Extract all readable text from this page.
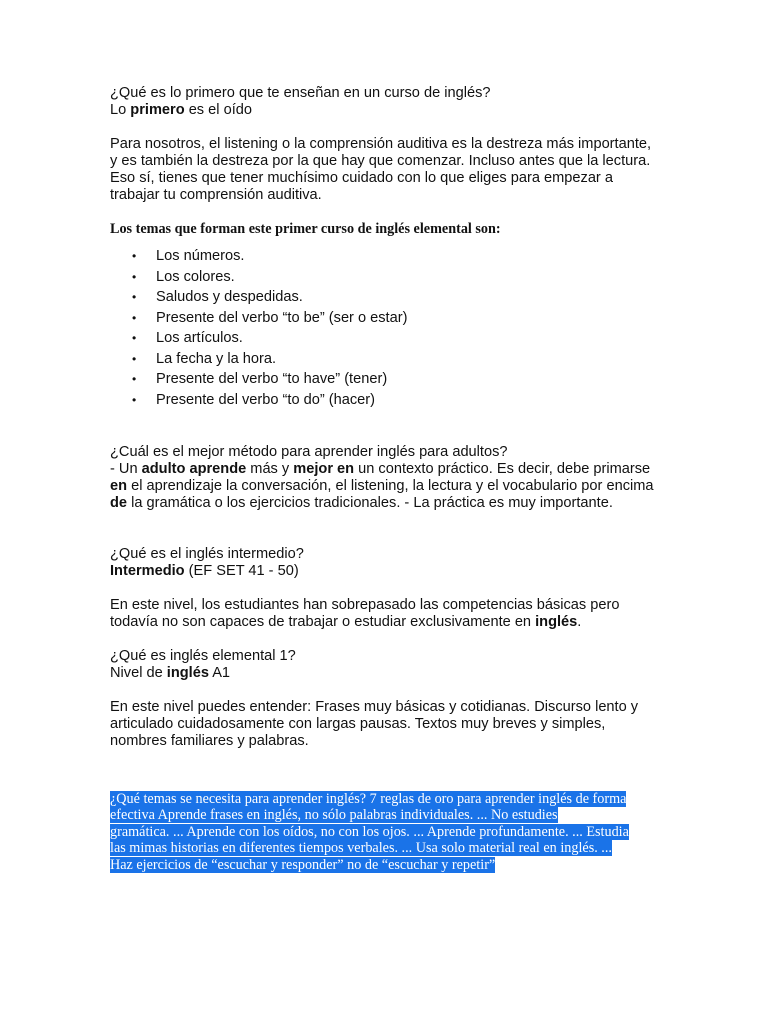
¿Qué es lo primero que te enseñan en un curso de inglés?

Lo primero es el oído

Para nosotros, el listening o la comprensión auditiva es la destreza más importante, y es también la destreza por la que hay que comenzar. Incluso antes que la lectura. Eso sí, tienes que tener muchísimo cuidado con lo que eliges para empezar a trabajar tu comprensión auditiva.

Los temas que forman este primer curso de inglés elemental son:

• Los números.
• Los colores.
• Saludos y despedidas.
• Presente del verbo “to be” (ser o estar)
• Los artículos.
• La fecha y la hora.
• Presente del verbo “to have” (tener)
• Presente del verbo “to do” (hacer)

¿Cuál es el mejor método para aprender inglés para adultos?

- Un adulto aprende más y mejor en un contexto práctico. Es decir, debe primarse en el aprendizaje la conversación, el listening, la lectura y el vocabulario por encima de la gramática o los ejercicios tradicionales. - La práctica es muy importante.

¿Qué es el inglés intermedio?

Intermedio (EF SET 41 - 50)

En este nivel, los estudiantes han sobrepasado las competencias básicas pero todavía no son capaces de trabajar o estudiar exclusivamente en inglés.

¿Qué es inglés elemental 1?

Nivel de inglés A1

En este nivel puedes entender: Frases muy básicas y cotidianas. Discurso lento y articulado cuidadosamente con largas pausas. Textos muy breves y simples, nombres familiares y palabras.

¿Qué temas se necesita para aprender inglés? 7 reglas de oro para aprender inglés de forma
efectiva Aprende frases en inglés, no sólo palabras individuales. ... No estudies
gramática. ... Aprende con los oídos, no con los ojos. ... Aprende profundamente. ... Estudia
las mimas historias en diferentes tiempos verbales. ... Usa solo material real en inglés. ...
Haz ejercicios de “escuchar y responder” no de “escuchar y repetir”
